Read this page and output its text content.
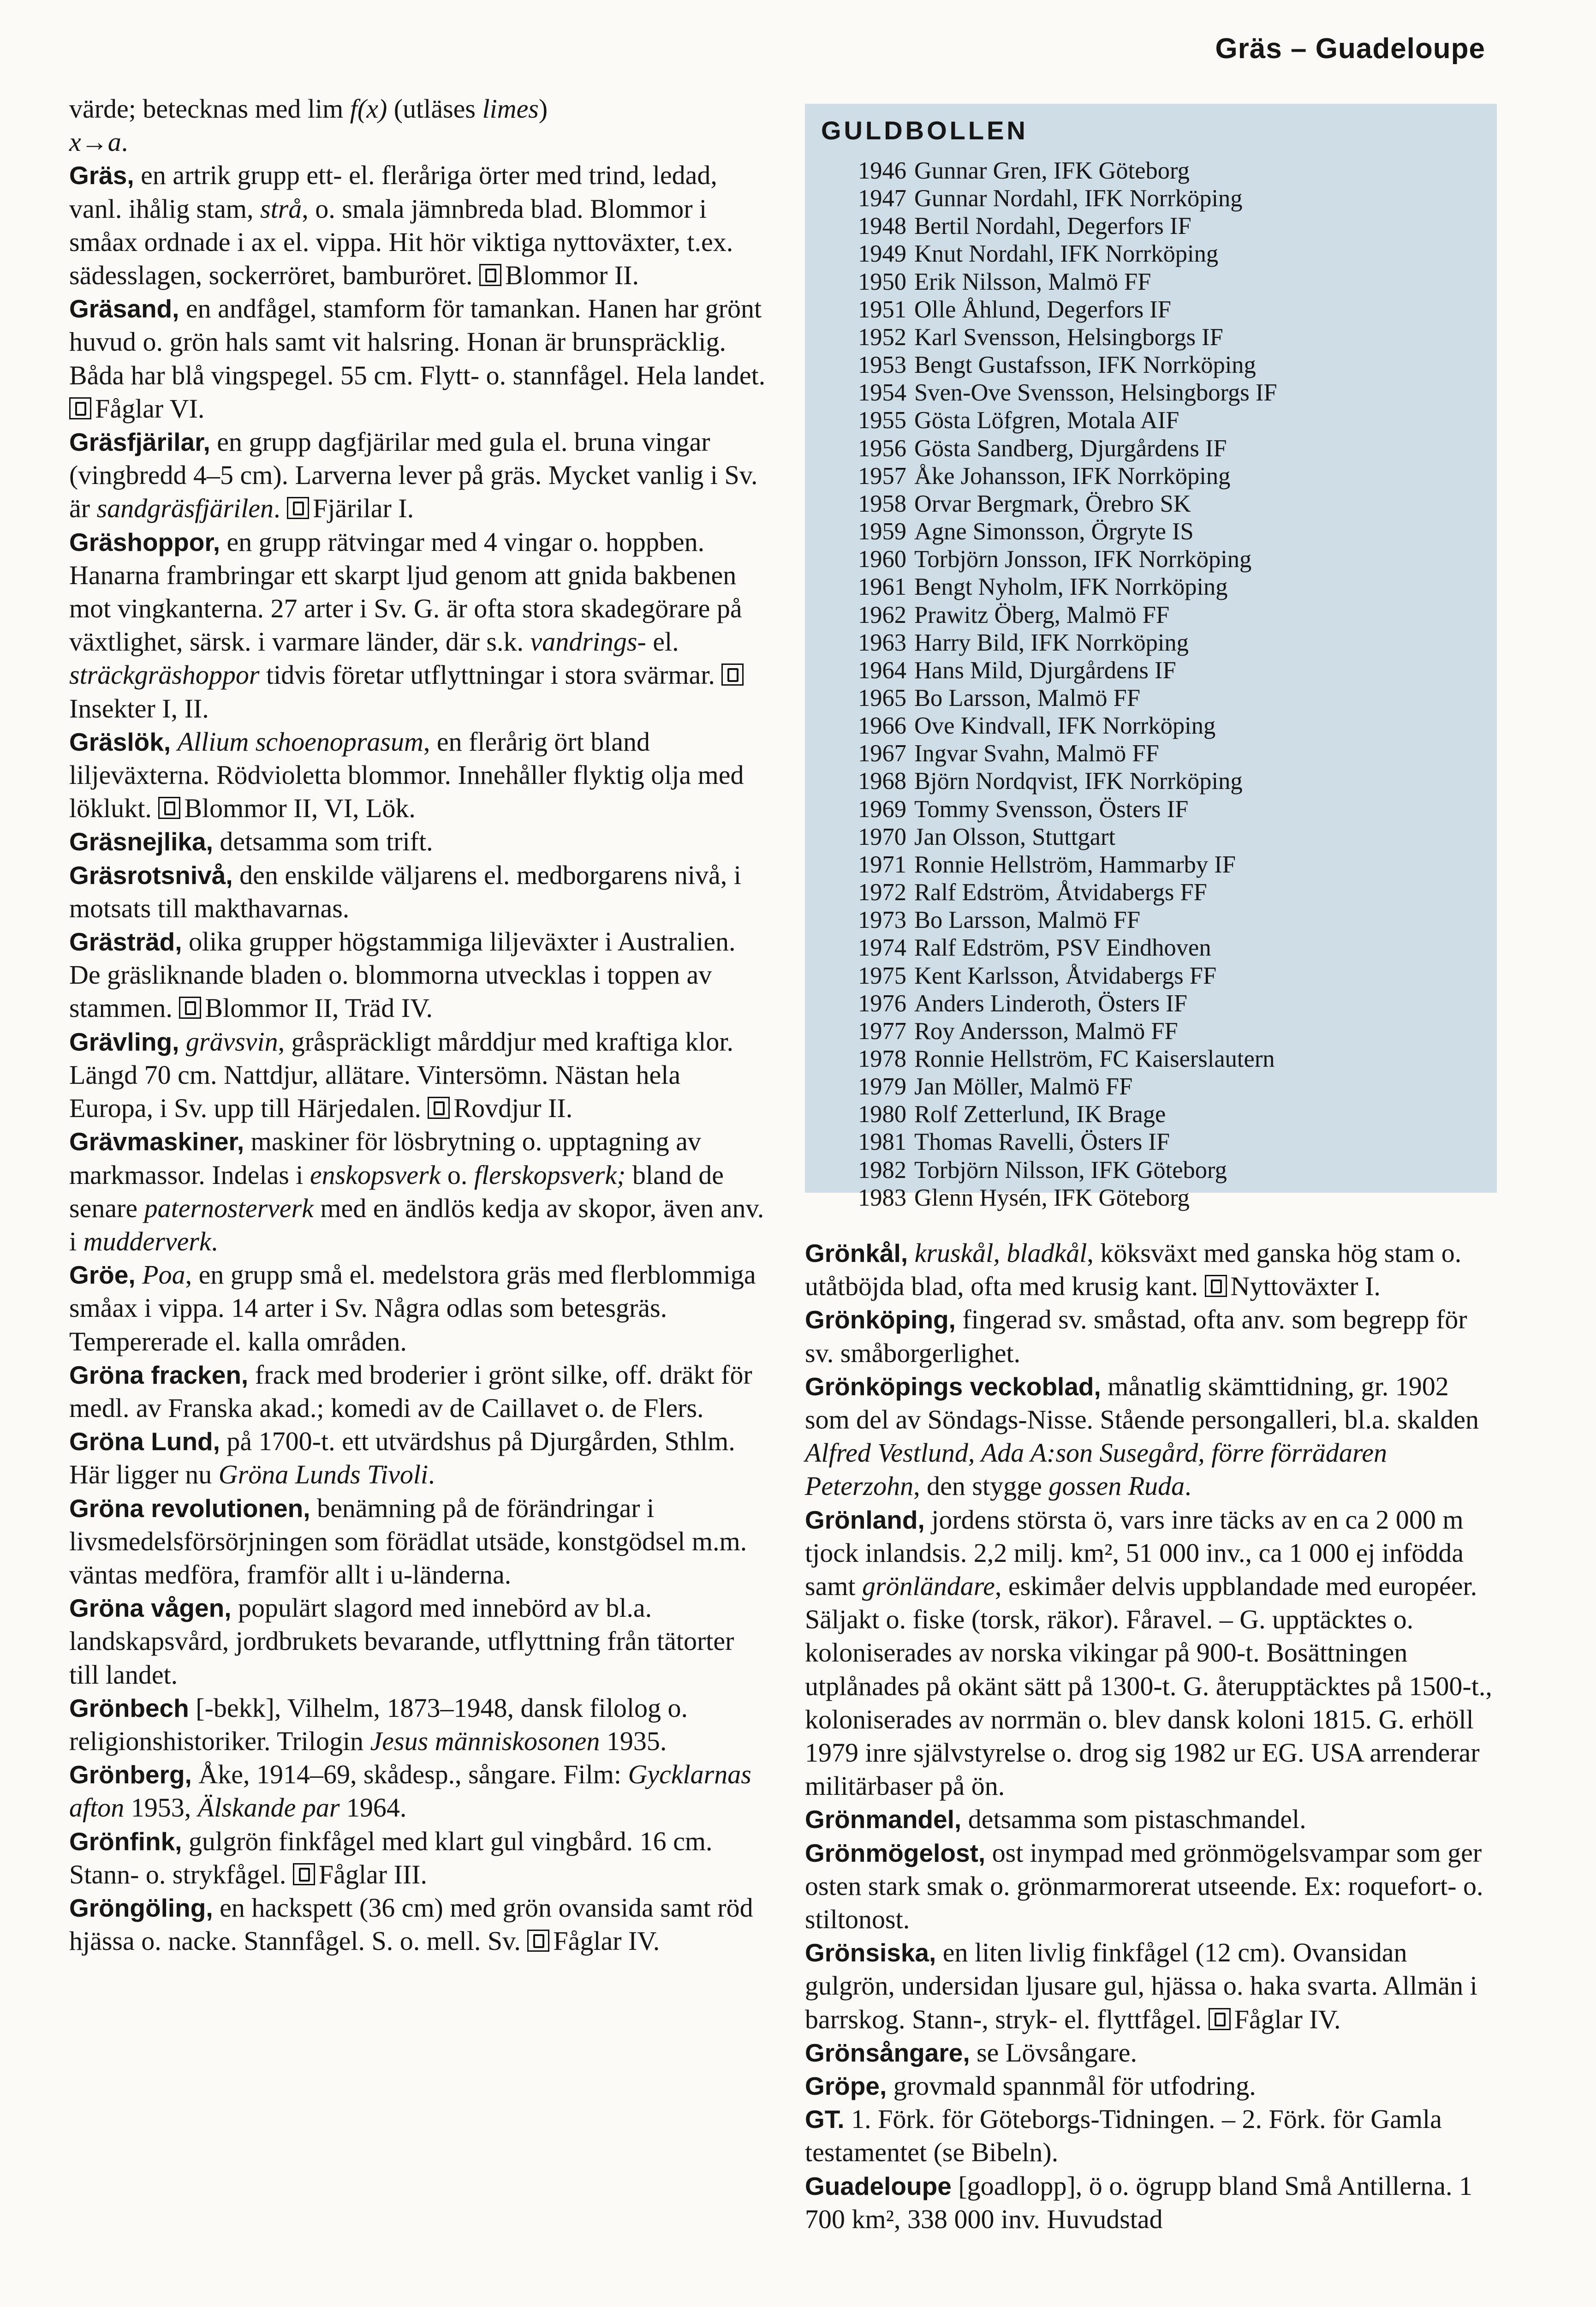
Gräs – Guadeloupe

värde; betecknas med lim f(x) (utläses limes)
x→a.

Gräs, en artrik grupp ett- el. fleråriga örter med trind, ledad, vanl. ihålig stam, strå, o. smala jämnbreda blad. Blommor i småax ordnade i ax el. vippa. Hit hör viktiga nyttoväxter, t.ex. sädesslagen, sockerröret, bamburöret. Blommor II.

Gräsand, en andfågel, stamform för tamankan. Hanen har grönt huvud o. grön hals samt vit halsring. Honan är brunspräcklig. Båda har blå vingspegel. 55 cm. Flytt- o. stannfågel. Hela landet. Fåglar VI.

Gräsfjärilar, en grupp dagfjärilar med gula el. bruna vingar (vingbredd 4–5 cm). Larverna lever på gräs. Mycket vanlig i Sv. är sandgräsfjärilen. Fjärilar I.

Gräshoppor, en grupp rätvingar med 4 vingar o. hoppben. Hanarna frambringar ett skarpt ljud genom att gnida bakbenen mot vingkanterna. 27 arter i Sv. G. är ofta stora skadegörare på växtlighet, särsk. i varmare länder, där s.k. vandrings- el. sträckgräshoppor tidvis företar utflyttningar i stora svärmar. Insekter I, II.

Gräslök, Allium schoenoprasum, en flerårig ört bland liljeväxterna. Rödvioletta blommor. Innehåller flyktig olja med löklukt. Blommor II, VI, Lök.

Gräsnejlika, detsamma som trift.

Gräsrotsnivå, den enskilde väljarens el. medborgarens nivå, i motsats till makthavarnas.

Grästräd, olika grupper högstammiga liljeväxter i Australien. De gräsliknande bladen o. blommorna utvecklas i toppen av stammen. Blommor II, Träd IV.

Grävling, grävsvin, gråspräckligt mårddjur med kraftiga klor. Längd 70 cm. Nattdjur, allätare. Vintersömn. Nästan hela Europa, i Sv. upp till Härjedalen. Rovdjur II.

Grävmaskiner, maskiner för lösbrytning o. upptagning av markmassor. Indelas i enskopsverk o. flerskopsverk; bland de senare paternosterverk med en ändlös kedja av skopor, även anv. i mudderverk.

Gröe, Poa, en grupp små el. medelstora gräs med flerblommiga småax i vippa. 14 arter i Sv. Några odlas som betesgräs. Tempererade el. kalla områden.

Gröna fracken, frack med broderier i grönt silke, off. dräkt för medl. av Franska akad.; komedi av de Caillavet o. de Flers.

Gröna Lund, på 1700-t. ett utvärdshus på Djurgården, Sthlm. Här ligger nu Gröna Lunds Tivoli.

Gröna revolutionen, benämning på de förändringar i livsmedelsförsörjningen som förädlat utsäde, konstgödsel m.m. väntas medföra, framför allt i u-länderna.

Gröna vågen, populärt slagord med innebörd av bl.a. landskapsvård, jordbrukets bevarande, utflyttning från tätorter till landet.

Grönbech [-bekk], Vilhelm, 1873–1948, dansk filolog o. religionshistoriker. Trilogin Jesus människosonen 1935.

Grönberg, Åke, 1914–69, skådesp., sångare. Film: Gycklarnas afton 1953, Älskande par 1964.

Grönfink, gulgrön finkfågel med klart gul vingbård. 16 cm. Stann- o. strykfågel. Fåglar III.

Gröngöling, en hackspett (36 cm) med grön ovansida samt röd hjässa o. nacke. Stannfågel. S. o. mell. Sv. Fåglar IV.

GULDBOLLEN
1946 Gunnar Gren, IFK Göteborg
1947 Gunnar Nordahl, IFK Norrköping
1948 Bertil Nordahl, Degerfors IF
1949 Knut Nordahl, IFK Norrköping
1950 Erik Nilsson, Malmö FF
1951 Olle Åhlund, Degerfors IF
1952 Karl Svensson, Helsingborgs IF
1953 Bengt Gustafsson, IFK Norrköping
1954 Sven-Ove Svensson, Helsingborgs IF
1955 Gösta Löfgren, Motala AIF
1956 Gösta Sandberg, Djurgårdens IF
1957 Åke Johansson, IFK Norrköping
1958 Orvar Bergmark, Örebro SK
1959 Agne Simonsson, Örgryte IS
1960 Torbjörn Jonsson, IFK Norrköping
1961 Bengt Nyholm, IFK Norrköping
1962 Prawitz Öberg, Malmö FF
1963 Harry Bild, IFK Norrköping
1964 Hans Mild, Djurgårdens IF
1965 Bo Larsson, Malmö FF
1966 Ove Kindvall, IFK Norrköping
1967 Ingvar Svahn, Malmö FF
1968 Björn Nordqvist, IFK Norrköping
1969 Tommy Svensson, Östers IF
1970 Jan Olsson, Stuttgart
1971 Ronnie Hellström, Hammarby IF
1972 Ralf Edström, Åtvidabergs FF
1973 Bo Larsson, Malmö FF
1974 Ralf Edström, PSV Eindhoven
1975 Kent Karlsson, Åtvidabergs FF
1976 Anders Linderoth, Östers IF
1977 Roy Andersson, Malmö FF
1978 Ronnie Hellström, FC Kaiserslautern
1979 Jan Möller, Malmö FF
1980 Rolf Zetterlund, IK Brage
1981 Thomas Ravelli, Östers IF
1982 Torbjörn Nilsson, IFK Göteborg
1983 Glenn Hysén, IFK Göteborg

Grönkål, kruskål, bladkål, köksväxt med ganska hög stam o. utåtböjda blad, ofta med krusig kant. Nyttoväxter I.

Grönköping, fingerad sv. småstad, ofta anv. som begrepp för sv. småborgerlighet.

Grönköpings veckoblad, månatlig skämttidning, gr. 1902 som del av Söndags-Nisse. Stående persongalleri, bl.a. skalden Alfred Vestlund, Ada A:son Susegård, förre förrädaren Peterzohn, den stygge gossen Ruda.

Grönland, jordens största ö, vars inre täcks av en ca 2 000 m tjock inlandsis. 2,2 milj. km², 51 000 inv., ca 1 000 ej infödda samt grönländare, eskimåer delvis uppblandade med européer. Säljakt o. fiske (torsk, räkor). Fåravel. – G. upptäcktes o. koloniserades av norska vikingar på 900-t. Bosättningen utplånades på okänt sätt på 1300-t. G. återupptäcktes på 1500-t., koloniserades av norrmän o. blev dansk koloni 1815. G. erhöll 1979 inre självstyrelse o. drog sig 1982 ur EG. USA arrenderar militärbaser på ön.

Grönmandel, detsamma som pistaschmandel.

Grönmögelost, ost inympad med grönmögelsvampar som ger osten stark smak o. grönmarmorerat utseende. Ex: roquefort- o. stiltonost.

Grönsiska, en liten livlig finkfågel (12 cm). Ovansidan gulgrön, undersidan ljusare gul, hjässa o. haka svarta. Allmän i barrskog. Stann-, stryk- el. flyttfågel. Fåglar IV.

Grönsångare, se Lövsångare.

Gröpe, grovmald spannmål för utfodring.

GT. 1. Förk. för Göteborgs-Tidningen. – 2. Förk. för Gamla testamentet (se Bibeln).

Guadeloupe [goadlopp], ö o. ögrupp bland Små Antillerna. 1 700 km², 338 000 inv. Huvudstad
